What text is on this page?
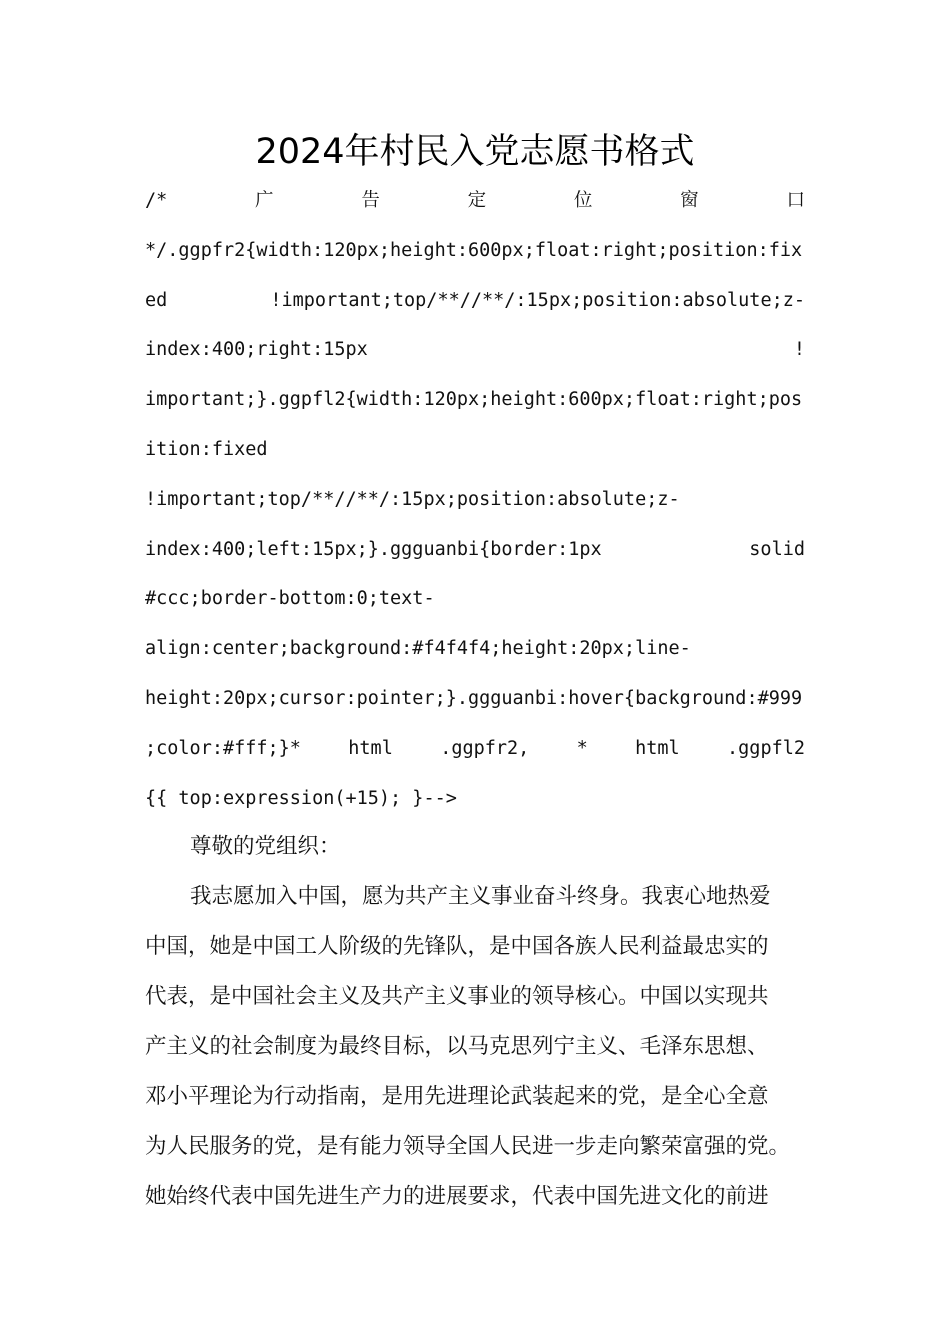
2024年村民入党志愿书格式
/*	广	告	定	位	窗	口
*/.ggpfr2{width:120px;height:600px;float:right;position:fix
ed	!important;top/**//**/:15px;position:absolute;z-
index:400;right:15px	!
important;}.ggpfl2{width:120px;height:600px;float:right;pos
ition:fixed
!important;top/**//**/:15px;position:absolute;z-
index:400;left:15px;}.ggguanbi{border:1px	solid
#ccc;border-bottom:0;text-
align:center;background:#f4f4f4;height:20px;line-
height:20px;cursor:pointer;}.ggguanbi:hover{background:#999
;color:#fff;}*	html	.ggpfr2,	*	html	.ggpfl2
{{ top:expression(+15); }-->
尊敬的党组织：
我志愿加入中国，愿为共产主义事业奋斗终身。我衷心地热爱
中国，她是中国工人阶级的先锋队，是中国各族人民利益最忠实的
代表，是中国社会主义及共产主义事业的领导核心。中国以实现共
产主义的社会制度为最终目标，以马克思列宁主义、毛泽东思想、
邓小平理论为行动指南，是用先进理论武装起来的党，是全心全意
为人民服务的党，是有能力领导全国人民进一步走向繁荣富强的党。
她始终代表中国先进生产力的进展要求，代表中国先进文化的前进
